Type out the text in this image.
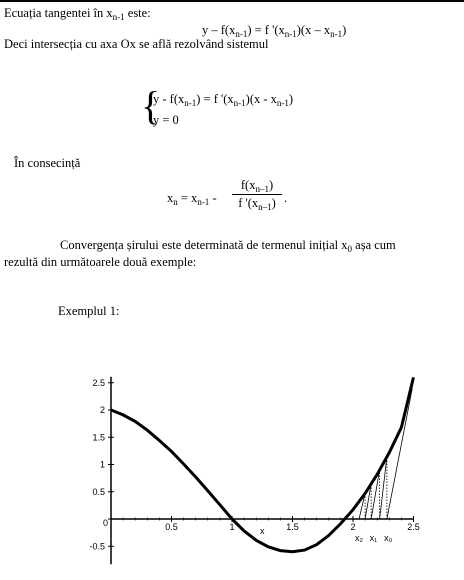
Ecuația tangentei în $x_{n-1}$ este:
$y - f(x_{n-1}) = f$ '$(x_{n-1})(x - x_{n-1})$
Deci intersecția cu axa Ox se află rezolvând sistemul
{
$y - f(x_{n-1}) = f$ '$(x_{n-1})(x - x_{n-1})$
y = 0
În consecință
$x_n = x_{n-1}$ -
$f(x_{n-1})$
f '$(x_{n-1})$ .
Convergența șirului este determinată de termenul inițial $x_0$ așa cum
rezultă din următoarele două exemple:
Exemplul 1:
2.5
2
1.5
1
0.5
-0.5
0	0.5	1	1.5	2	2.5
x
x₂ x₁ x₀
